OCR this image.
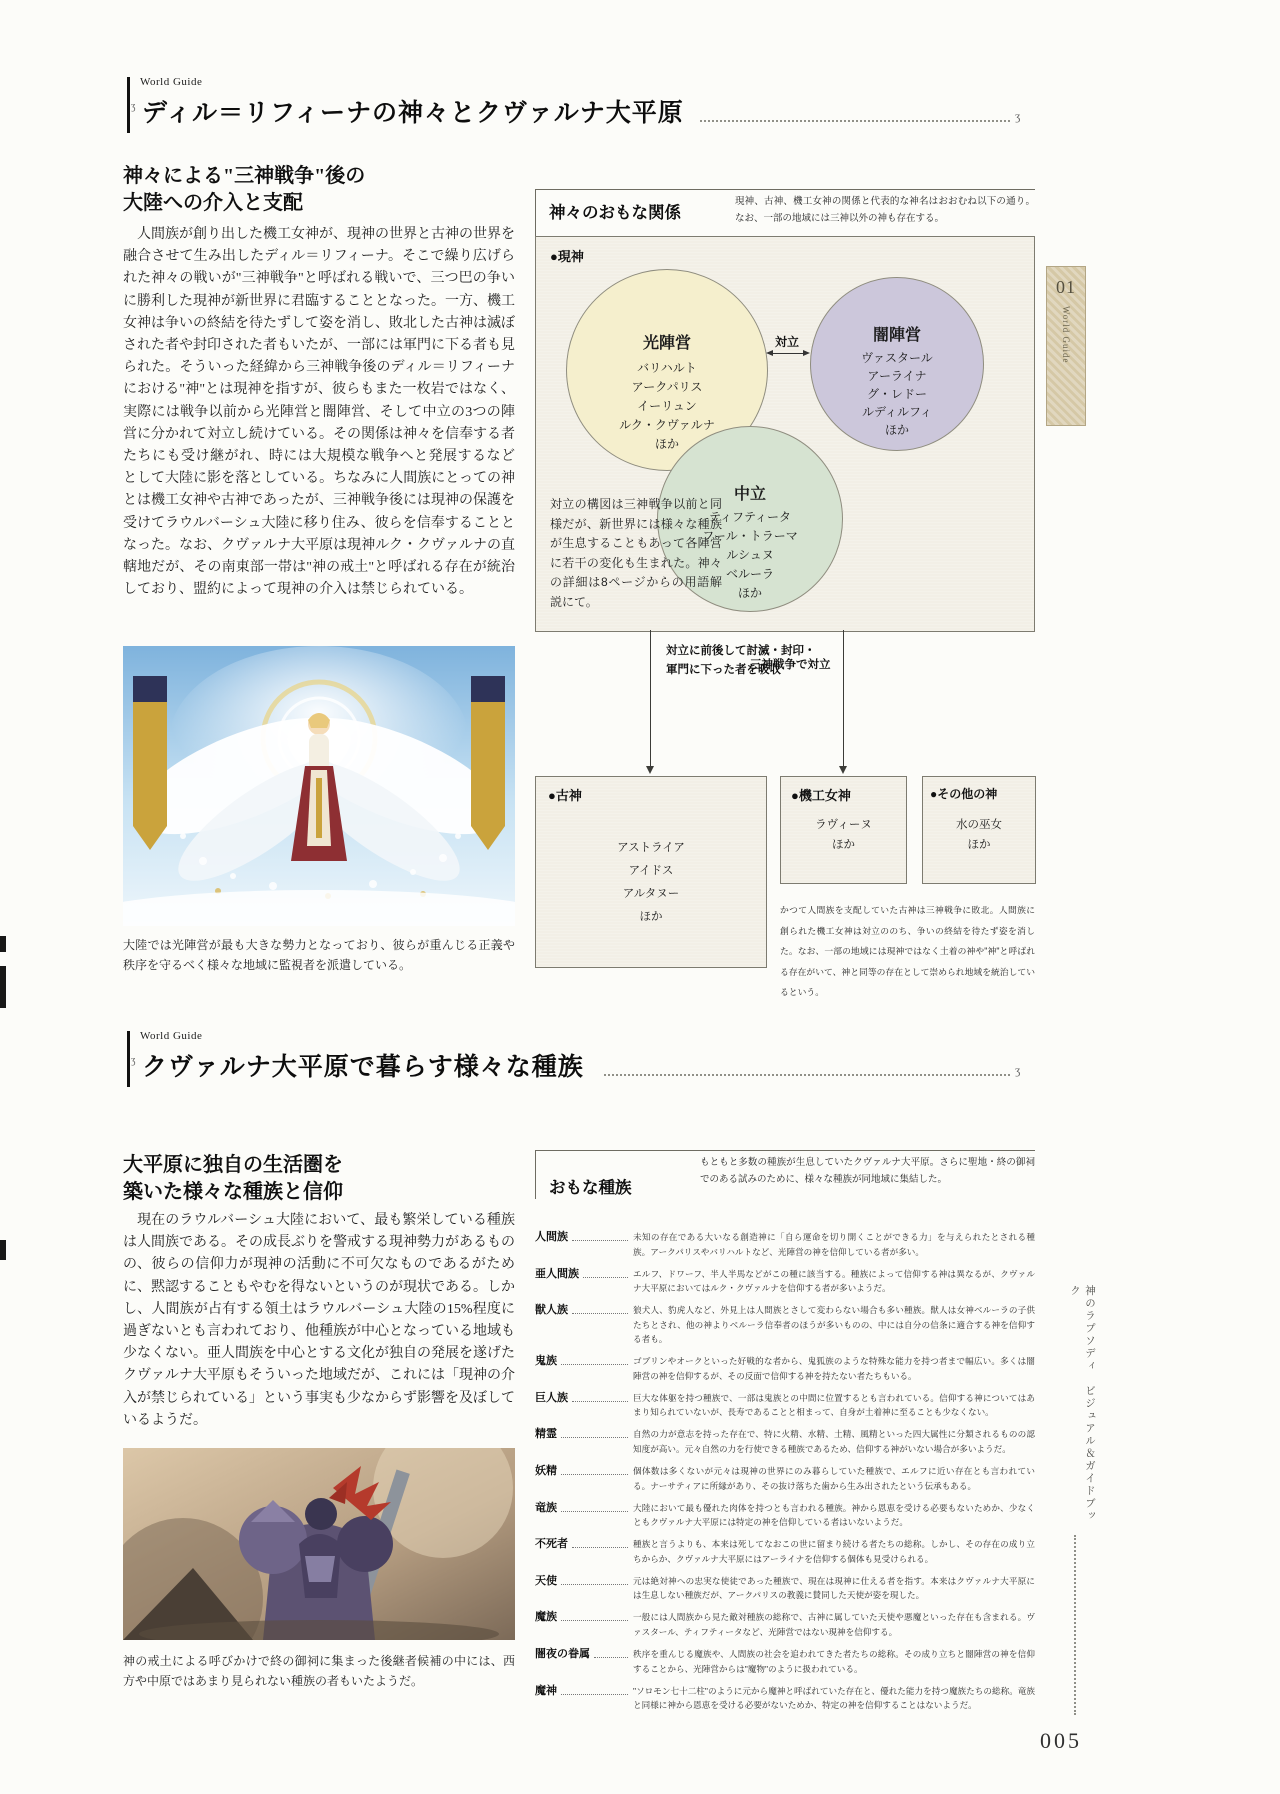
World Guide
ʒ ディル＝リフィーナの神々とクヴァルナ大平原	ʒ
神々による"三神戦争"後の
大陸への介入と支配
　人間族が創り出した機工女神が、現神の世界と古神の世界を融合させて生み出したディル＝リフィーナ。そこで繰り広げられた神々の戦いが"三神戦争"と呼ばれる戦いで、三つ巴の争いに勝利した現神が新世界に君臨することとなった。一方、機工女神は争いの終結を待たずして姿を消し、敗北した古神は滅ぼされた者や封印された者もいたが、一部には軍門に下る者も見られた。そういった経緯から三神戦争後のディル＝リフィーナにおける"神"とは現神を指すが、彼らもまた一枚岩ではなく、実際には戦争以前から光陣営と闇陣営、そして中立の3つの陣営に分かれて対立し続けている。その関係は神々を信奉する者たちにも受け継がれ、時には大規模な戦争へと発展するなどとして大陸に影を落としている。ちなみに人間族にとっての神とは機工女神や古神であったが、三神戦争後には現神の保護を受けてラウルバーシュ大陸に移り住み、彼らを信奉することとなった。なお、クヴァルナ大平原は現神ルク・クヴァルナの直轄地だが、その南東部一帯は"神の戒土"と呼ばれる存在が統治しており、盟約によって現神の介入は禁じられている。
大陸では光陣営が最も大きな勢力となっており、彼らが重んじる正義や秩序を守るべく様々な地域に監視者を派遣している。
神々のおもな関係
現神、古神、機工女神の関係と代表的な神名はおおむね以下の通り。なお、一部の地域には三神以外の神も存在する。
●現神
光陣営
バリハルト
アークパリス
イーリュン
ルク・クヴァルナ
ほか
闇陣営
ヴァスタール
アーライナ
グ・レドー
ルディルフィ
ほか
中立
ティフティータ
フール・トラーマ
ルシュヌ
ベルーラ
ほか
対立
対立の構図は三神戦争以前と同様だが、新世界には様々な種族が生息することもあって各陣営に若干の変化も生まれた。神々の詳細は8ページからの用語解説にて。
対立に前後して討滅・封印・
軍門に下った者を吸収
三神戦争で対立
●古神
アストライア
アイドス
アルタヌー
ほか
●機工女神
ラヴィーヌ
ほか
●その他の神
水の巫女
ほか
かつて人間族を支配していた古神は三神戦争に敗北。人間族に創られた機工女神は対立ののち、争いの終結を待たず姿を消した。なお、一部の地域には現神ではなく土着の神や"神"と呼ばれる存在がいて、神と同等の存在として崇められ地域を統治しているという。
World Guide
ʒ クヴァルナ大平原で暮らす様々な種族	ʒ
大平原に独自の生活圏を
築いた様々な種族と信仰
　現在のラウルバーシュ大陸において、最も繁栄している種族は人間族である。その成長ぶりを警戒する現神勢力があるものの、彼らの信仰力が現神の活動に不可欠なものであるがために、黙認することもやむを得ないというのが現状である。しかし、人間族が占有する領土はラウルバーシュ大陸の15%程度に過ぎないとも言われており、他種族が中心となっている地域も少なくない。亜人間族を中心とする文化が独自の発展を遂げたクヴァルナ大平原もそういった地域だが、これには「現神の介入が禁じられている」という事実も少なからず影響を及ぼしているようだ。
神の戒土による呼びかけで終の御祠に集まった後継者候補の中には、西方や中原ではあまり見られない種族の者もいたようだ。
おもな種族
もともと多数の種族が生息していたクヴァルナ大平原。さらに聖地・終の御祠でのある試みのために、様々な種族が同地域に集結した。
人間族	未知の存在である大いなる創造神に「自ら運命を切り開くことができる力」を与えられたとされる種族。アークパリスやバリハルトなど、光陣営の神を信仰している者が多い。
亜人間族	エルフ、ドワーフ、半人半馬などがこの種に該当する。種族によって信仰する神は異なるが、クヴァルナ大平原においてはルク・クヴァルナを信仰する者が多いようだ。
獣人族	狼犬人、豹虎人など、外見上は人間族とさして変わらない場合も多い種族。獣人は女神ベルーラの子供たちとされ、他の神よりベルーラ信奉者のほうが多いものの、中には自分の信条に適合する神を信仰する者も。
鬼族	ゴブリンやオークといった好戦的な者から、鬼狐族のような特殊な能力を持つ者まで幅広い。多くは闇陣営の神を信仰するが、その反面で信仰する神を持たない者たちもいる。
巨人族	巨大な体躯を持つ種族で、一部は鬼族との中間に位置するとも言われている。信仰する神についてはあまり知られていないが、長寿であることと相まって、自身が土着神に至ることも少なくない。
精霊	自然の力が意志を持った存在で、特に火精、水精、土精、風精といった四大属性に分類されるものの認知度が高い。元々自然の力を行使できる種族であるため、信仰する神がいない場合が多いようだ。
妖精	個体数は多くないが元々は現神の世界にのみ暮らしていた種族で、エルフに近い存在とも言われている。ナーサティアに所縁があり、その抜け落ちた歯から生み出されたという伝承もある。
竜族	大陸において最も優れた肉体を持つとも言われる種族。神から恩恵を受ける必要もないためか、少なくともクヴァルナ大平原には特定の神を信仰している者はいないようだ。
不死者	種族と言うよりも、本来は死してなおこの世に留まり続ける者たちの総称。しかし、その存在の成り立ちからか、クヴァルナ大平原にはアーライナを信仰する個体も見受けられる。
天使	元は絶対神への忠実な使徒であった種族で、現在は現神に仕える者を指す。本来はクヴァルナ大平原には生息しない種族だが、アークパリスの教義に賛同した天使が姿を現した。
魔族	一般には人間族から見た敵対種族の総称で、古神に属していた天使や悪魔といった存在も含まれる。ヴァスタール、ティフティータなど、光陣営ではない現神を信仰する。
闇夜の眷属	秩序を重んじる魔族や、人間族の社会を追われてきた者たちの総称。その成り立ちと闇陣営の神を信仰することから、光陣営からは"魔物"のように扱われている。
魔神	"ソロモン七十二柱"のように元から魔神と呼ばれていた存在と、優れた能力を持つ魔族たちの総称。竜族と同様に神から恩恵を受ける必要がないためか、特定の神を信仰することはないようだ。
01
World Guide
神のラプソディ　ビジュアル＆ガイドブック
005
